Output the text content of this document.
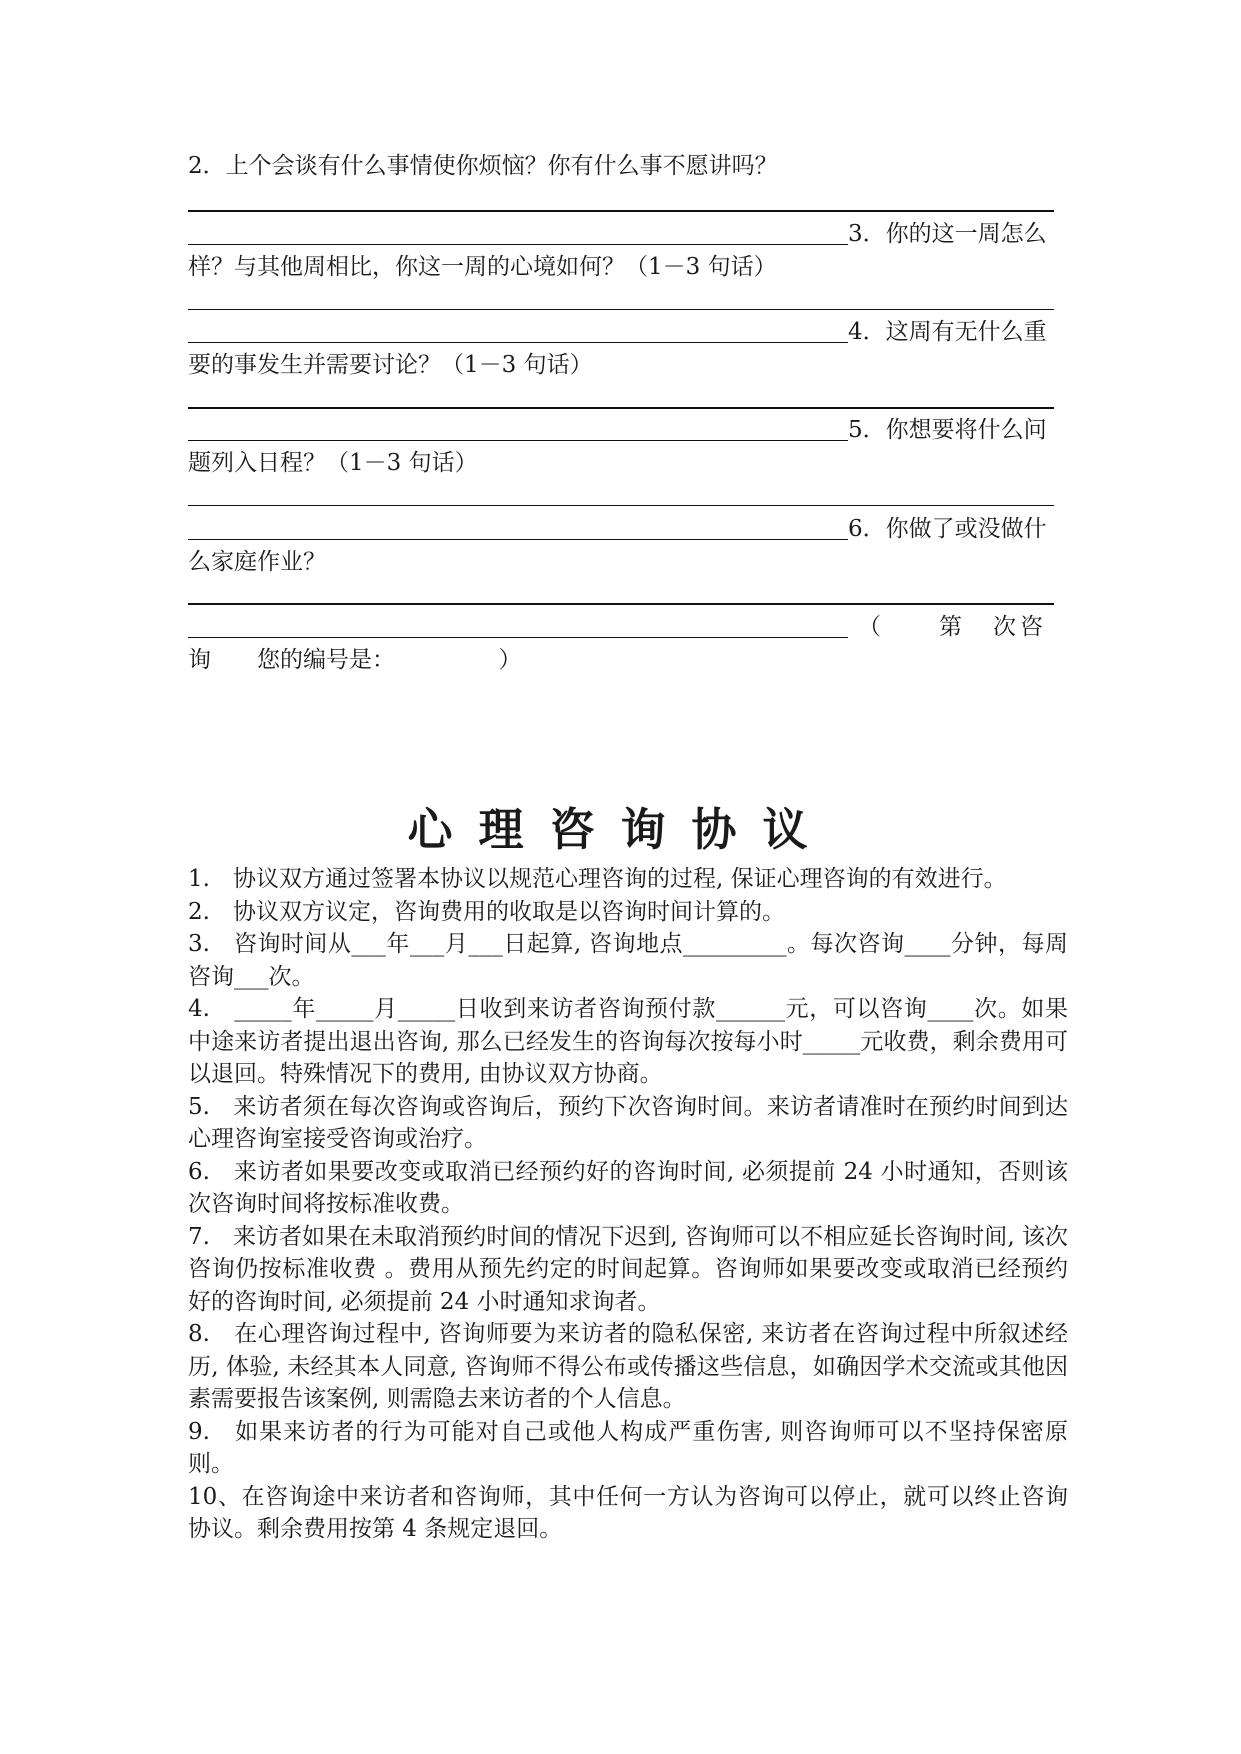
2．上个会谈有什么事情使你烦恼？你有什么事不愿讲吗？
3．你的这一周怎么
样？与其他周相比，你这一周的心境如何？（1－3 句话）
4．这周有无什么重
要的事发生并需要讨论？（1－3 句话）
5．你想要将什么问
题列入日程？（1－3 句话）
6．你做了或没做什
么家庭作业？
（　　第　次咨
询　　您的编号是：　　　　　）
心理咨询协议

1.　协议双方通过签署本协议以规范心理咨询的过程, 保证心理咨询的有效进行。

2.　协议双方议定，咨询费用的收取是以咨询时间计算的。

3.　咨询时间从___年___月___日起算, 咨询地点_________。每次咨询____分钟，每周咨询___次。

4.　_____年_____月_____日收到来访者咨询预付款______元，可以咨询____次。如果中途来访者提出退出咨询, 那么已经发生的咨询每次按每小时_____元收费，剩余费用可以退回。特殊情况下的费用, 由协议双方协商。

5.　来访者须在每次咨询或咨询后，预约下次咨询时间。来访者请准时在预约时间到达心理咨询室接受咨询或治疗。

6.　来访者如果要改变或取消已经预约好的咨询时间, 必须提前 24 小时通知，否则该次咨询时间将按标准收费。

7.　来访者如果在未取消预约时间的情况下迟到, 咨询师可以不相应延长咨询时间, 该次咨询仍按标准收费 。费用从预先约定的时间起算。咨询师如果要改变或取消已经预约好的咨询时间, 必须提前 24 小时通知求询者。

8.　在心理咨询过程中, 咨询师要为来访者的隐私保密, 来访者在咨询过程中所叙述经历, 体验, 未经其本人同意, 咨询师不得公布或传播这些信息，如确因学术交流或其他因素需要报告该案例, 则需隐去来访者的个人信息。

9.　如果来访者的行为可能对自己或他人构成严重伤害, 则咨询师可以不坚持保密原则。

10、在咨询途中来访者和咨询师，其中任何一方认为咨询可以停止，就可以终止咨询协议。剩余费用按第 4 条规定退回。
